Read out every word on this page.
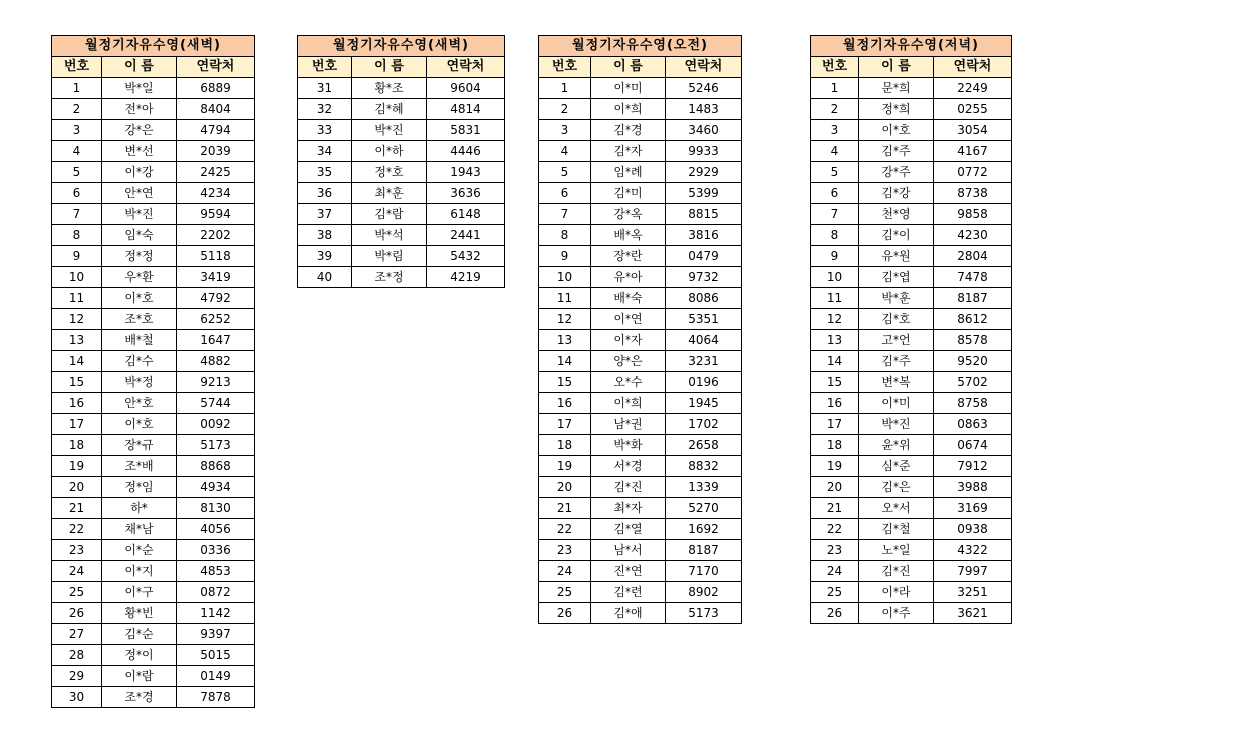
월정기자유수영(새벽)		
번호	이 름	연락처
1	박*일	6889
2	전*아	8404
3	강*은	4794
4	변*선	2039
5	이*강	2425
6	안*연	4234
7	박*진	9594
8	임*숙	2202
9	정*정	5118
10	우*환	3419
11	이*호	4792
12	조*호	6252
13	배*철	1647
14	김*수	4882
15	박*정	9213
16	안*호	5744
17	이*호	0092
18	장*규	5173
19	조*배	8868
20	정*임	4934
21	하*	8130
22	채*남	4056
23	이*순	0336
24	이*지	4853
25	이*구	0872
26	황*빈	1142
27	김*순	9397
28	정*이	5015
29	이*람	0149
30	조*경	7878
월정기자유수영(새벽)		
번호	이 름	연락처
31	황*조	9604
32	김*혜	4814
33	박*진	5831
34	이*하	4446
35	정*호	1943
36	최*훈	3636
37	김*람	6148
38	박*석	2441
39	박*림	5432
40	조*정	4219
월정기자유수영(오전)		
번호	이 름	연락처
1	이*미	5246
2	이*희	1483
3	김*경	3460
4	김*자	9933
5	임*례	2929
6	김*미	5399
7	강*옥	8815
8	배*옥	3816
9	장*란	0479
10	유*아	9732
11	배*숙	8086
12	이*연	5351
13	이*자	4064
14	양*은	3231
15	오*수	0196
16	이*희	1945
17	남*권	1702
18	박*화	2658
19	서*경	8832
20	김*진	1339
21	최*자	5270
22	김*열	1692
23	남*서	8187
24	진*연	7170
25	김*련	8902
26	김*애	5173
월정기자유수영(저녁)		
번호	이 름	연락처
1	문*희	2249
2	정*희	0255
3	이*호	3054
4	김*주	4167
5	강*주	0772
6	김*강	8738
7	천*영	9858
8	김*이	4230
9	유*원	2804
10	김*엽	7478
11	박*훈	8187
12	김*호	8612
13	고*언	8578
14	김*주	9520
15	변*복	5702
16	이*미	8758
17	박*진	0863
18	윤*위	0674
19	심*준	7912
20	김*은	3988
21	오*서	3169
22	김*철	0938
23	노*일	4322
24	김*진	7997
25	이*라	3251
26	이*주	3621
